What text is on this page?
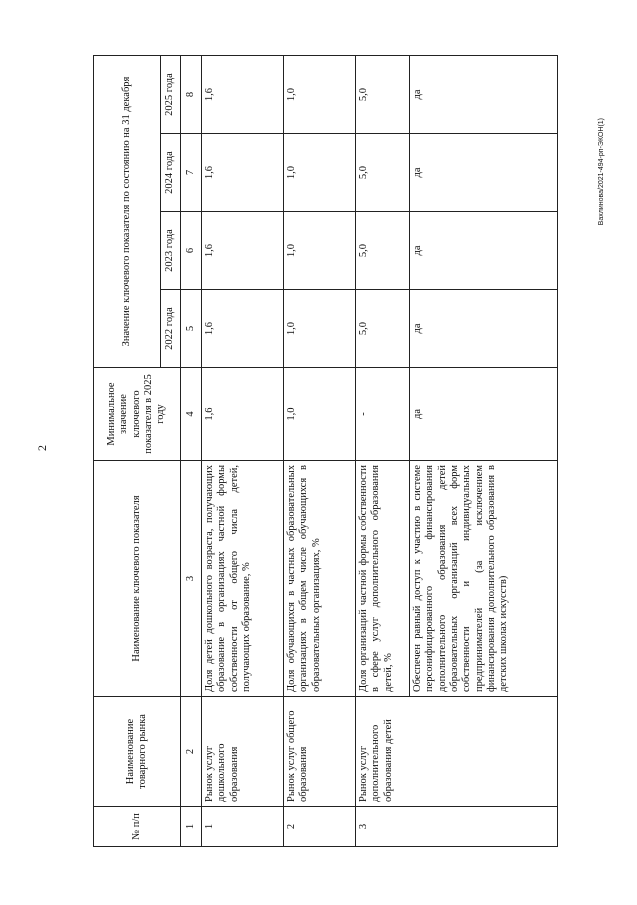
2
Вахлинова/2021-494-рп-ЭКОН(1)
№ п/п	Наименование товарного рынка	Наименование ключевого показателя	Минимальное значение ключевого показателя в 2025 году	Значение ключевого показателя по состоянию на 31 декабря			
				2022 года	2023 года	2024 года	2025 года
1	2	3	4	5	6	7	8
1	Рынок услуг дошкольного образования	Доля детей дошкольного возраста, получающих образование в организациях частной формы собственности от общего числа детей, получающих образование, %	1,6	1,6	1,6	1,6	1,6
2	Рынок услуг общего образования	Доля обучающихся в частных образовательных организациях в общем числе обучающихся в образовательных организациях, %	1,0	1,0	1,0	1,0	1,0
3	Рынок услуг дополнительного образования детей	Доля организаций частной формы собственности в сфере услуг дополнительного образования детей, %	-	5,0	5,0	5,0	5,0
		Обеспечен равный доступ к участию в системе персонифицированного финансирования дополнительного образования детей образовательных организаций всех форм собственности и индивидуальных предпринимателей (за исключением финансирования дополнительного образования в детских школах искусств)	да	да	да	да	да
